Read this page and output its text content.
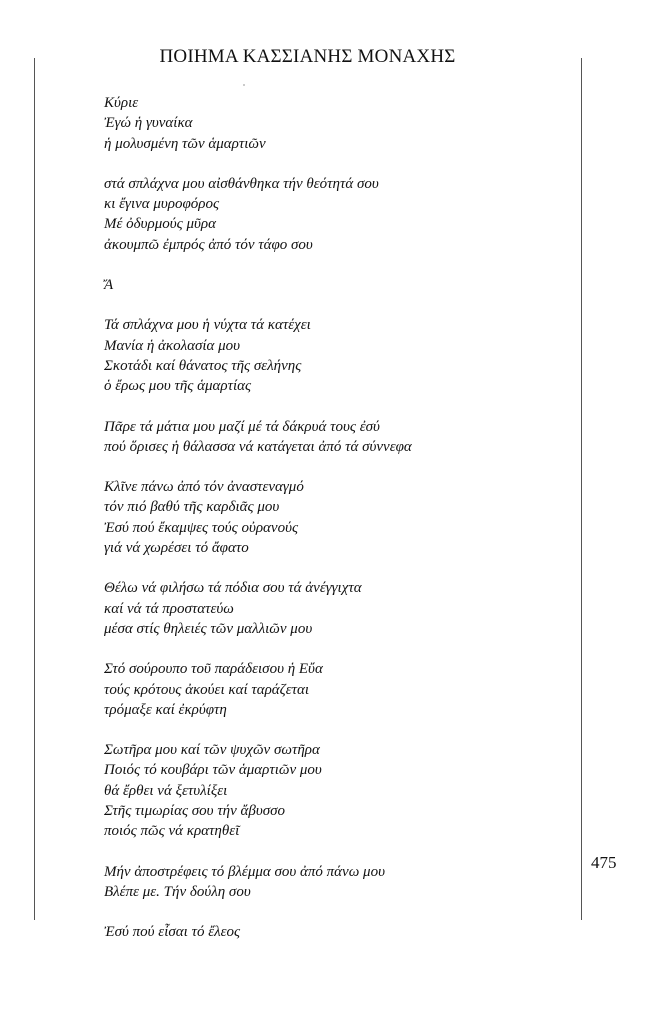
ΠΟΙΗΜΑ ΚΑΣΣΙΑΝΗΣ ΜΟΝΑΧΗΣ
Κύριε
Ἐγώ ἡ γυναίκα
ἡ μολυσμένη τῶν ἁμαρτιῶν
στά σπλάχνα μου αἰσθάνθηκα τήν θεότητά σου
κι ἔγινα μυροφόρος
Μέ ὀδυρμούς μῦρα
ἀκουμπῶ ἐμπρός ἀπό τόν τάφο σου
Ἄ
Τά σπλάχνα μου ἡ νύχτα τά κατέχει
Μανία ἡ ἀκολασία μου
Σκοτάδι καί θάνατος τῆς σελήνης
ὁ ἔρως μου τῆς ἁμαρτίας
Πᾶρε τά μάτια μου μαζί μέ τά δάκρυά τους ἐσύ
πού ὅρισες ἡ θάλασσα νά κατάγεται ἀπό τά σύννεφα
Κλῖνε πάνω ἀπό τόν ἀναστεναγμό
τόν πιό βαθύ τῆς καρδιᾶς μου
Ἐσύ πού ἔκαμψες τούς οὐρανούς
γιά νά χωρέσει τό ἄφατο
Θέλω νά φιλήσω τά πόδια σου τά ἀνέγγιχτα
καί νά τά προστατεύω
μέσα στίς θηλειές τῶν μαλλιῶν μου
Στό σούρουπο τοῦ παράδεισου ἡ Εὔα
τούς κρότους ἀκούει καί ταράζεται
τρόμαξε καί ἐκρύφτη
Σωτῆρα μου καί τῶν ψυχῶν σωτῆρα
Ποιός τό κουβάρι τῶν ἁμαρτιῶν μου
θά ἔρθει νά ξετυλίξει
Στῆς τιμωρίας σου τήν ἄβυσσο
ποιός πῶς νά κρατηθεῖ
Μήν ἀποστρέφεις τό βλέμμα σου ἀπό πάνω μου
Βλέπε με. Τήν δούλη σου
Ἐσύ πού εἶσαι τό ἔλεος
475
